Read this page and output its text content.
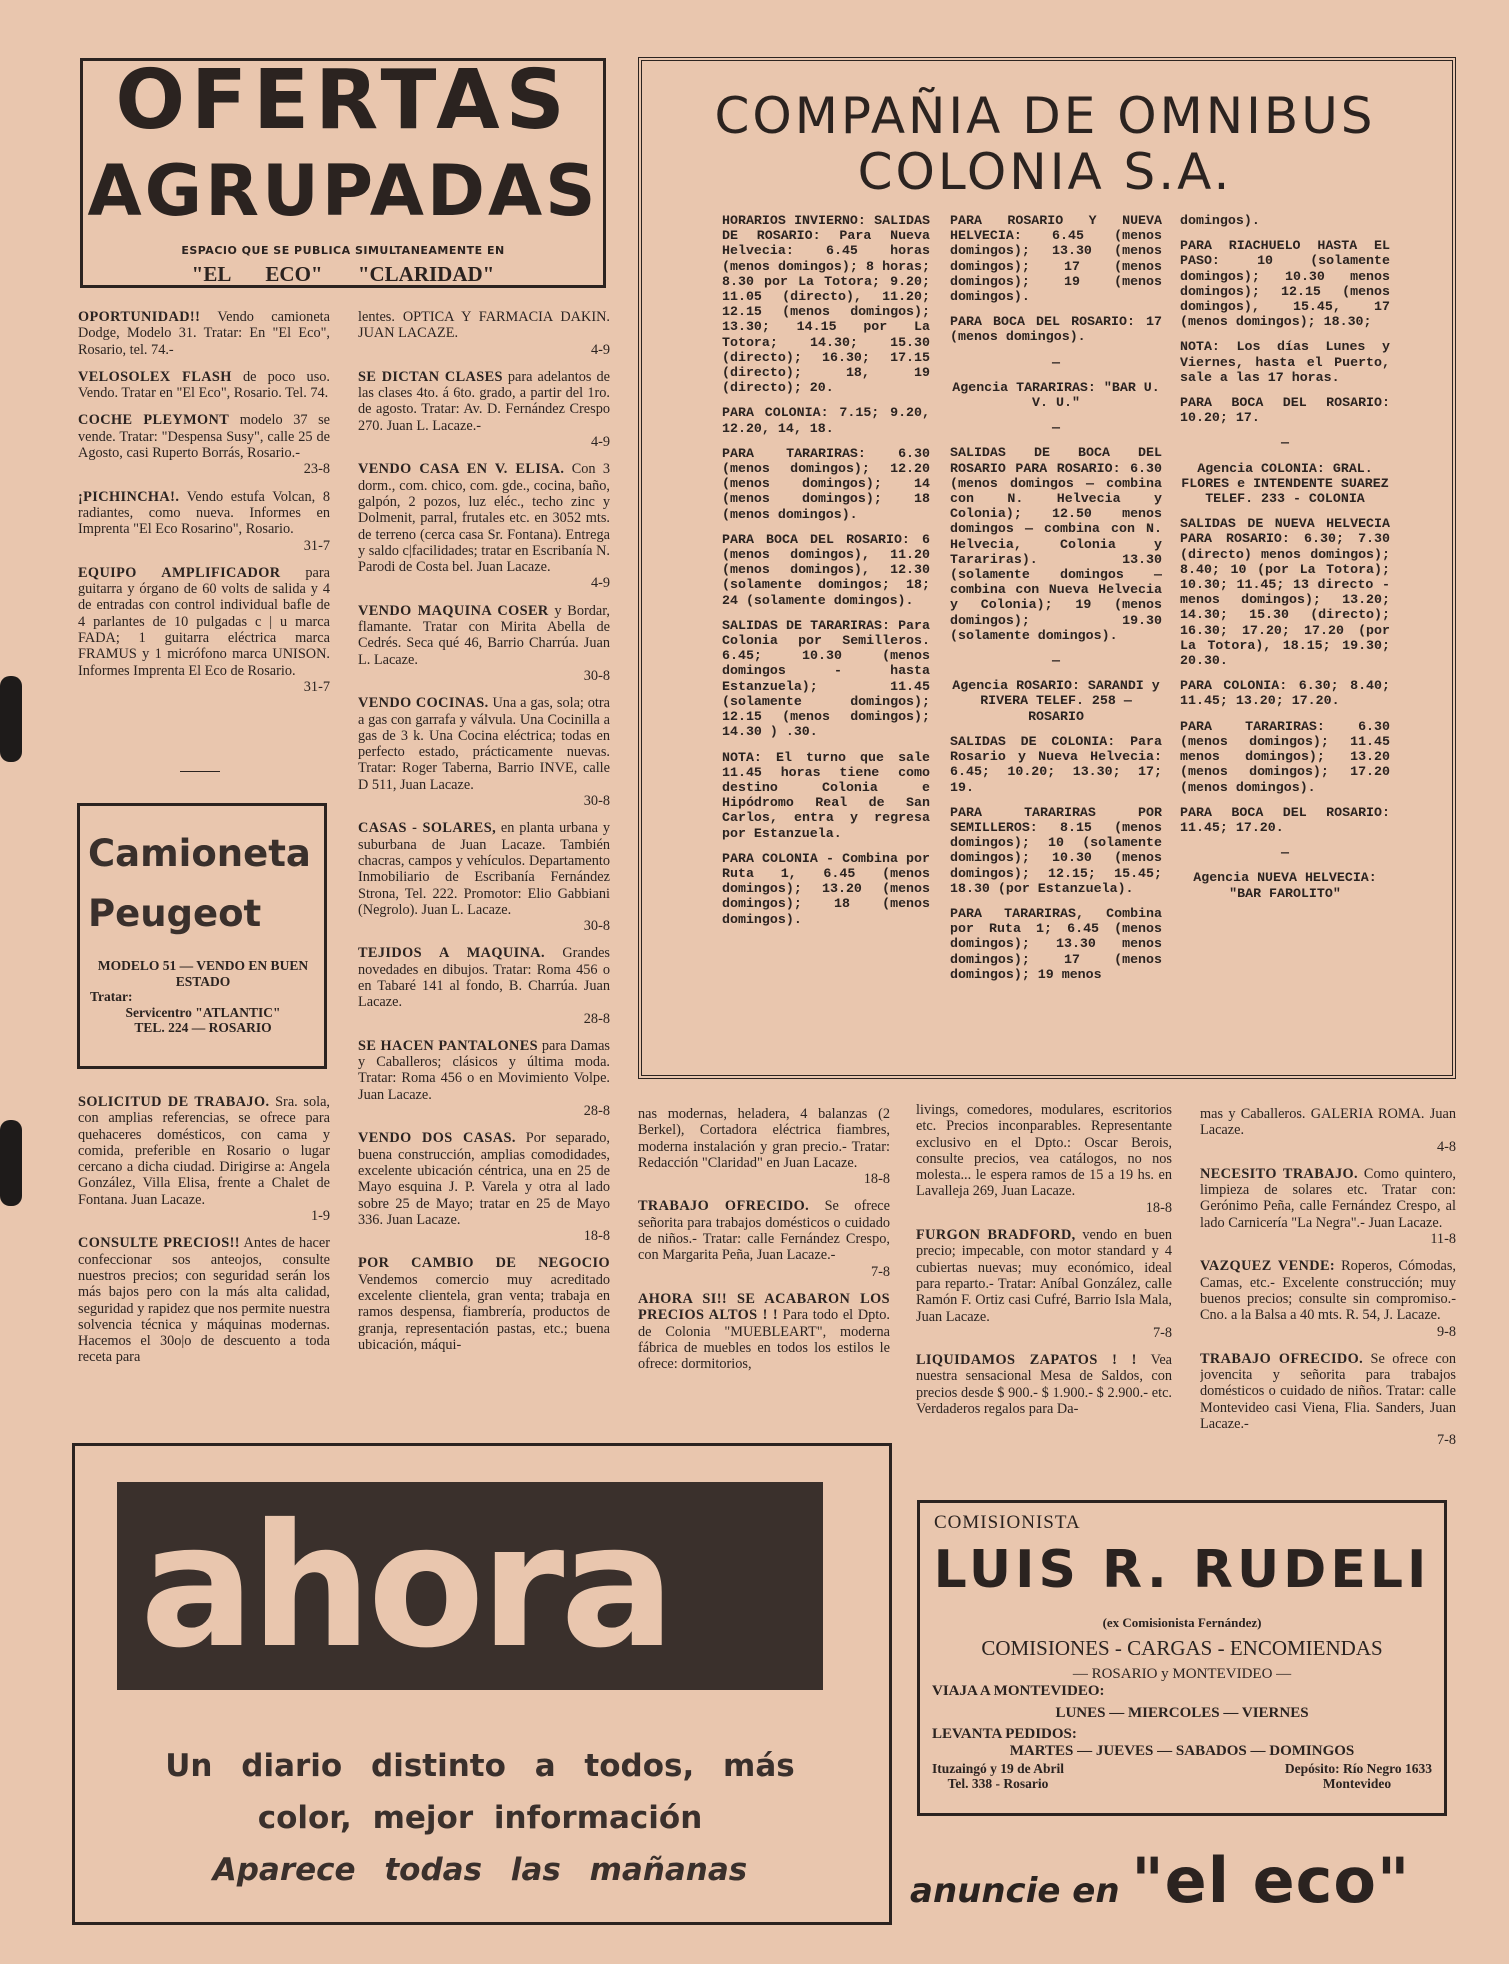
OFERTAS
AGRUPADAS
ESPACIO QUE SE PUBLICA SIMULTANEAMENTE EN
"EL ECO" "CLARIDAD"

OPORTUNIDAD!! Vendo camioneta Dodge, Modelo 31. Tratar: En "El Eco", Rosario, tel. 74.-

VELOSOLEX FLASH de poco uso. Vendo. Tratar en "El Eco", Rosario. Tel. 74.

COCHE PLEYMONT modelo 37 se vende. Tratar: "Despensa Susy", calle 25 de Agosto, casi Ruperto Borrás, Rosario.-
23-8

¡PICHINCHA!. Vendo estufa Volcan, 8 radiantes, como nueva. Informes en Imprenta "El Eco Rosarino", Rosario.
31-7

EQUIPO AMPLIFICADOR para guitarra y órgano de 60 volts de salida y 4 de entradas con control individual bafle de 4 parlantes de 10 pulgadas c | u marca FADA; 1 guitarra eléctrica marca FRAMUS y 1 micrófono marca UNISON. Informes Imprenta El Eco de Rosario.
31-7

lentes. OPTICA Y FARMACIA DAKIN. JUAN LACAZE.
4-9

SE DICTAN CLASES para adelantos de las clases 4to. á 6to. grado, a partir del 1ro. de agosto. Tratar: Av. D. Fernández Crespo 270. Juan L. Lacaze.-
4-9

VENDO CASA EN V. ELISA. Con 3 dorm., com. chico, com. gde., cocina, baño, galpón, 2 pozos, luz eléc., techo zinc y Dolmenit, parral, frutales etc. en 3052 mts. de terreno (cerca casa Sr. Fontana). Entrega y saldo c|facilidades; tratar en Escribanía N. Parodi de Costa bel. Juan Lacaze.
4-9

VENDO MAQUINA COSER y Bordar, flamante. Tratar con Mirita Abella de Cedrés. Seca qué 46, Barrio Charrúa. Juan L. Lacaze.
30-8

VENDO COCINAS. Una a gas, sola; otra a gas con garrafa y válvula. Una Cocinilla a gas de 3 k. Una Cocina eléctrica; todas en perfecto estado, prácticamente nuevas. Tratar: Roger Taberna, Barrio INVE, calle D 511, Juan Lacaze.
30-8

CASAS - SOLARES, en planta urbana y suburbana de Juan Lacaze. También chacras, campos y vehículos. Departamento Inmobiliario de Escribanía Fernández Strona, Tel. 222. Promotor: Elio Gabbiani (Negrolo). Juan L. Lacaze.
30-8

TEJIDOS A MAQUINA. Grandes novedades en dibujos. Tratar: Roma 456 o en Tabaré 141 al fondo, B. Charrúa. Juan Lacaze.
28-8

SE HACEN PANTALONES para Damas y Caballeros; clásicos y última moda. Tratar: Roma 456 o en Movimiento Volpe. Juan Lacaze.
28-8

VENDO DOS CASAS. Por separado, buena construcción, amplias comodidades, excelente ubicación céntrica, una en 25 de Mayo esquina J. P. Varela y otra al lado sobre 25 de Mayo; tratar en 25 de Mayo 336. Juan Lacaze.
18-8

POR CAMBIO DE NEGOCIO Vendemos comercio muy acreditado excelente clientela, gran venta; trabaja en ramos despensa, fiambrería, productos de granja, representación pastas, etc.; buena ubicación, máqui-

Camioneta
Peugeot
MODELO 51 — VENDO EN BUEN ESTADO
Tratar:
Servicentro "ATLANTIC"
TEL. 224 — ROSARIO

SOLICITUD DE TRABAJO. Sra. sola, con amplias referencias, se ofrece para quehaceres domésticos, con cama y comida, preferible en Rosario o lugar cercano a dicha ciudad. Dirigirse a: Angela González, Villa Elisa, frente a Chalet de Fontana. Juan Lacaze.
1-9

CONSULTE PRECIOS!! Antes de hacer confeccionar sos anteojos, consulte nuestros precios; con seguridad serán los más bajos pero con la más alta calidad, seguridad y rapidez que nos permite nuestra solvencia técnica y máquinas modernas. Hacemos el 30o|o de descuento a toda receta para

COMPAÑIA DE OMNIBUS
COLONIA S.A.

HORARIOS INVIERNO: SALIDAS DE ROSARIO: Para Nueva Helvecia: 6.45 horas (menos domingos); 8 horas; 8.30 por La Totora; 9.20; 11.05 (directo), 11.20; 12.15 (menos domingos); 13.30; 14.15 por La Totora; 14.30; 15.30 (directo); 16.30; 17.15 (directo); 18, 19 (directo); 20.

PARA COLONIA: 7.15; 9.20, 12.20, 14, 18.

PARA TARARIRAS: 6.30 (menos domingos); 12.20 (menos domingos); 14 (menos domingos); 18 (menos domingos).

PARA BOCA DEL ROSARIO: 6 (menos domingos), 11.20 (menos domingos), 12.30 (solamente domingos; 18; 24 (solamente domingos).

SALIDAS DE TARARIRAS: Para Colonia por Semilleros. 6.45; 10.30 (menos domingos - hasta Estanzuela); 11.45 (solamente domingos); 12.15 (menos domingos); 14.30 ) .30.

NOTA: El turno que sale 11.45 horas tiene como destino Colonia e Hipódromo Real de San Carlos, entra y regresa por Estanzuela.

PARA COLONIA - Combina por Ruta 1, 6.45 (menos domingos); 13.20 (menos domingos); 18 (menos domingos).

PARA ROSARIO Y NUEVA HELVECIA: 6.45 (menos domingos); 13.30 (menos domingos); 17 (menos domingos); 19 (menos domingos).

PARA BOCA DEL ROSARIO: 17 (menos domingos).

—

Agencia TARARIRAS: "BAR U. V. U."

—

SALIDAS DE BOCA DEL ROSARIO PARA ROSARIO: 6.30 (menos domingos — combina con N. Helvecia y Colonia); 12.50 menos domingos — combina con N. Helvecia, Colonia y Tarariras). 13.30 (solamente domingos — combina con Nueva Helvecia y Colonia); 19 (menos domingos); 19.30 (solamente domingos).

—

Agencia ROSARIO: SARANDI y RIVERA TELEF. 258 — ROSARIO

SALIDAS DE COLONIA: Para Rosario y Nueva Helvecia: 6.45; 10.20; 13.30; 17; 19.

PARA TARARIRAS POR SEMILLEROS: 8.15 (menos domingos); 10 (solamente domingos); 10.30 (menos domingos); 12.15; 15.45; 18.30 (por Estanzuela).

PARA TARARIRAS, Combina por Ruta 1; 6.45 (menos domingos); 13.30 menos domingos); 17 (menos domingos); 19 menos

domingos).

PARA RIACHUELO HASTA EL PASO: 10 (solamente domingos); 10.30 menos domingos); 12.15 (menos domingos), 15.45, 17 (menos domingos); 18.30;

NOTA: Los días Lunes y Viernes, hasta el Puerto, sale a las 17 horas.

PARA BOCA DEL ROSARIO: 10.20; 17.

—

Agencia COLONIA: GRAL. FLORES e INTENDENTE SUAREZ TELEF. 233 - COLONIA

SALIDAS DE NUEVA HELVECIA PARA ROSARIO: 6.30; 7.30 (directo) menos domingos); 8.40; 10 (por La Totora); 10.30; 11.45; 13 directo - menos domingos); 13.20; 14.30; 15.30 (directo); 16.30; 17.20; 17.20 (por La Totora), 18.15; 19.30; 20.30.

PARA COLONIA: 6.30; 8.40; 11.45; 13.20; 17.20.

PARA TARARIRAS: 6.30 (menos domingos); 11.45 menos domingos); 13.20 (menos domingos); 17.20 (menos domingos).

PARA BOCA DEL ROSARIO: 11.45; 17.20.

—

Agencia NUEVA HELVECIA: "BAR FAROLITO"

nas modernas, heladera, 4 balanzas (2 Berkel), Cortadora eléctrica fiambres, moderna instalación y gran precio.- Tratar: Redacción "Claridad" en Juan Lacaze.
18-8

TRABAJO OFRECIDO. Se ofrece señorita para trabajos domésticos o cuidado de niños.- Tratar: calle Fernández Crespo, con Margarita Peña, Juan Lacaze.-
7-8

AHORA SI!! SE ACABARON LOS PRECIOS ALTOS ! ! Para todo el Dpto. de Colonia "MUEBLEART", moderna fábrica de muebles en todos los estilos le ofrece: dormitorios,

livings, comedores, modulares, escritorios etc. Precios inconparables. Representante exclusivo en el Dpto.: Oscar Berois, consulte precios, vea catálogos, no nos molesta... le espera ramos de 15 a 19 hs. en Lavalleja 269, Juan Lacaze.
18-8

FURGON BRADFORD, vendo en buen precio; impecable, con motor standard y 4 cubiertas nuevas; muy económico, ideal para reparto.- Tratar: Aníbal González, calle Ramón F. Ortiz casi Cufré, Barrio Isla Mala, Juan Lacaze.
7-8

LIQUIDAMOS ZAPATOS ! ! Vea nuestra sensacional Mesa de Saldos, con precios desde $ 900.- $ 1.900.- $ 2.900.- etc. Verdaderos regalos para Da-

mas y Caballeros. GALERIA ROMA. Juan Lacaze.
4-8

NECESITO TRABAJO. Como quintero, limpieza de solares etc. Tratar con: Gerónimo Peña, calle Fernández Crespo, al lado Carnicería "La Negra".- Juan Lacaze.
11-8

VAZQUEZ VENDE: Roperos, Cómodas, Camas, etc.- Excelente construcción; muy buenos precios; consulte sin compromiso.- Cno. a la Balsa a 40 mts. R. 54, J. Lacaze.
9-8

TRABAJO OFRECIDO. Se ofrece con jovencita y señorita para trabajos domésticos o cuidado de niños. Tratar: calle Montevideo casi Viena, Flia. Sanders, Juan Lacaze.-
7-8

ahora
Un diario distinto a todos, más
color, mejor información
Aparece todas las mañanas
COMISIONISTA
LUIS R. RUDELI
(ex Comisionista Fernández)
COMISIONES - CARGAS - ENCOMIENDAS
— ROSARIO y MONTEVIDEO —
VIAJA A MONTEVIDEO:
LUNES — MIERCOLES — VIERNES
LEVANTA PEDIDOS:
MARTES — JUEVES — SABADOS — DOMINGOS
Ituzaingó y 19 de Abril
Tel. 338 - Rosario
Depósito: Río Negro 1633
Montevideo
anuncie en "el eco"
